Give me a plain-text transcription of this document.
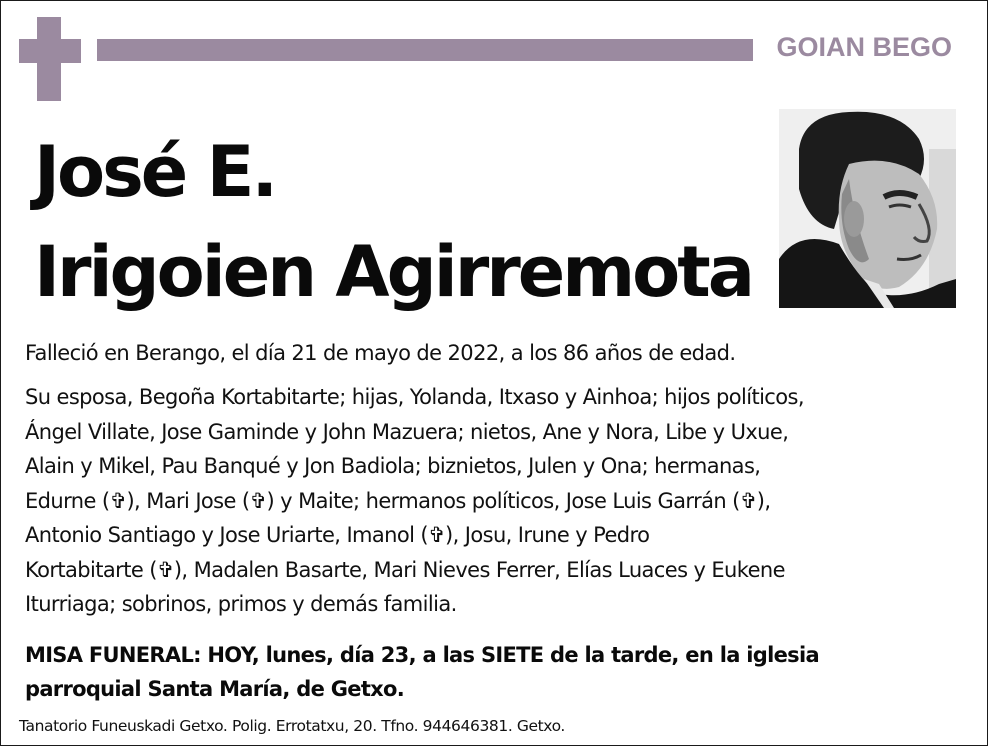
GOIAN BEGO
José E.
Irigoien Agirremota

Falleció en Berango, el día 21 de mayo de 2022, a los 86 años de edad.

Su esposa, Begoña Kortabitarte; hijas, Yolanda, Itxaso y Ainhoa; hijos políticos,
Ángel Villate, Jose Gaminde y John Mazuera; nietos, Ane y Nora, Libe y Uxue,
Alain y Mikel, Pau Banqué y Jon Badiola; biznietos, Julen y Ona; hermanas,
Edurne (✞), Mari Jose (✞) y Maite; hermanos políticos, Jose Luis Garrán (✞),
Antonio Santiago y Jose Uriarte, Imanol (✞), Josu, Irune y Pedro
Kortabitarte (✞), Madalen Basarte, Mari Nieves Ferrer, Elías Luaces y Eukene
Iturriaga; sobrinos, primos y demás familia.

MISA FUNERAL: HOY, lunes, día 23, a las SIETE de la tarde, en la iglesia
parroquial Santa María, de Getxo.

Tanatorio Funeuskadi Getxo. Polig. Errotatxu, 20. Tfno. 944646381. Getxo.
